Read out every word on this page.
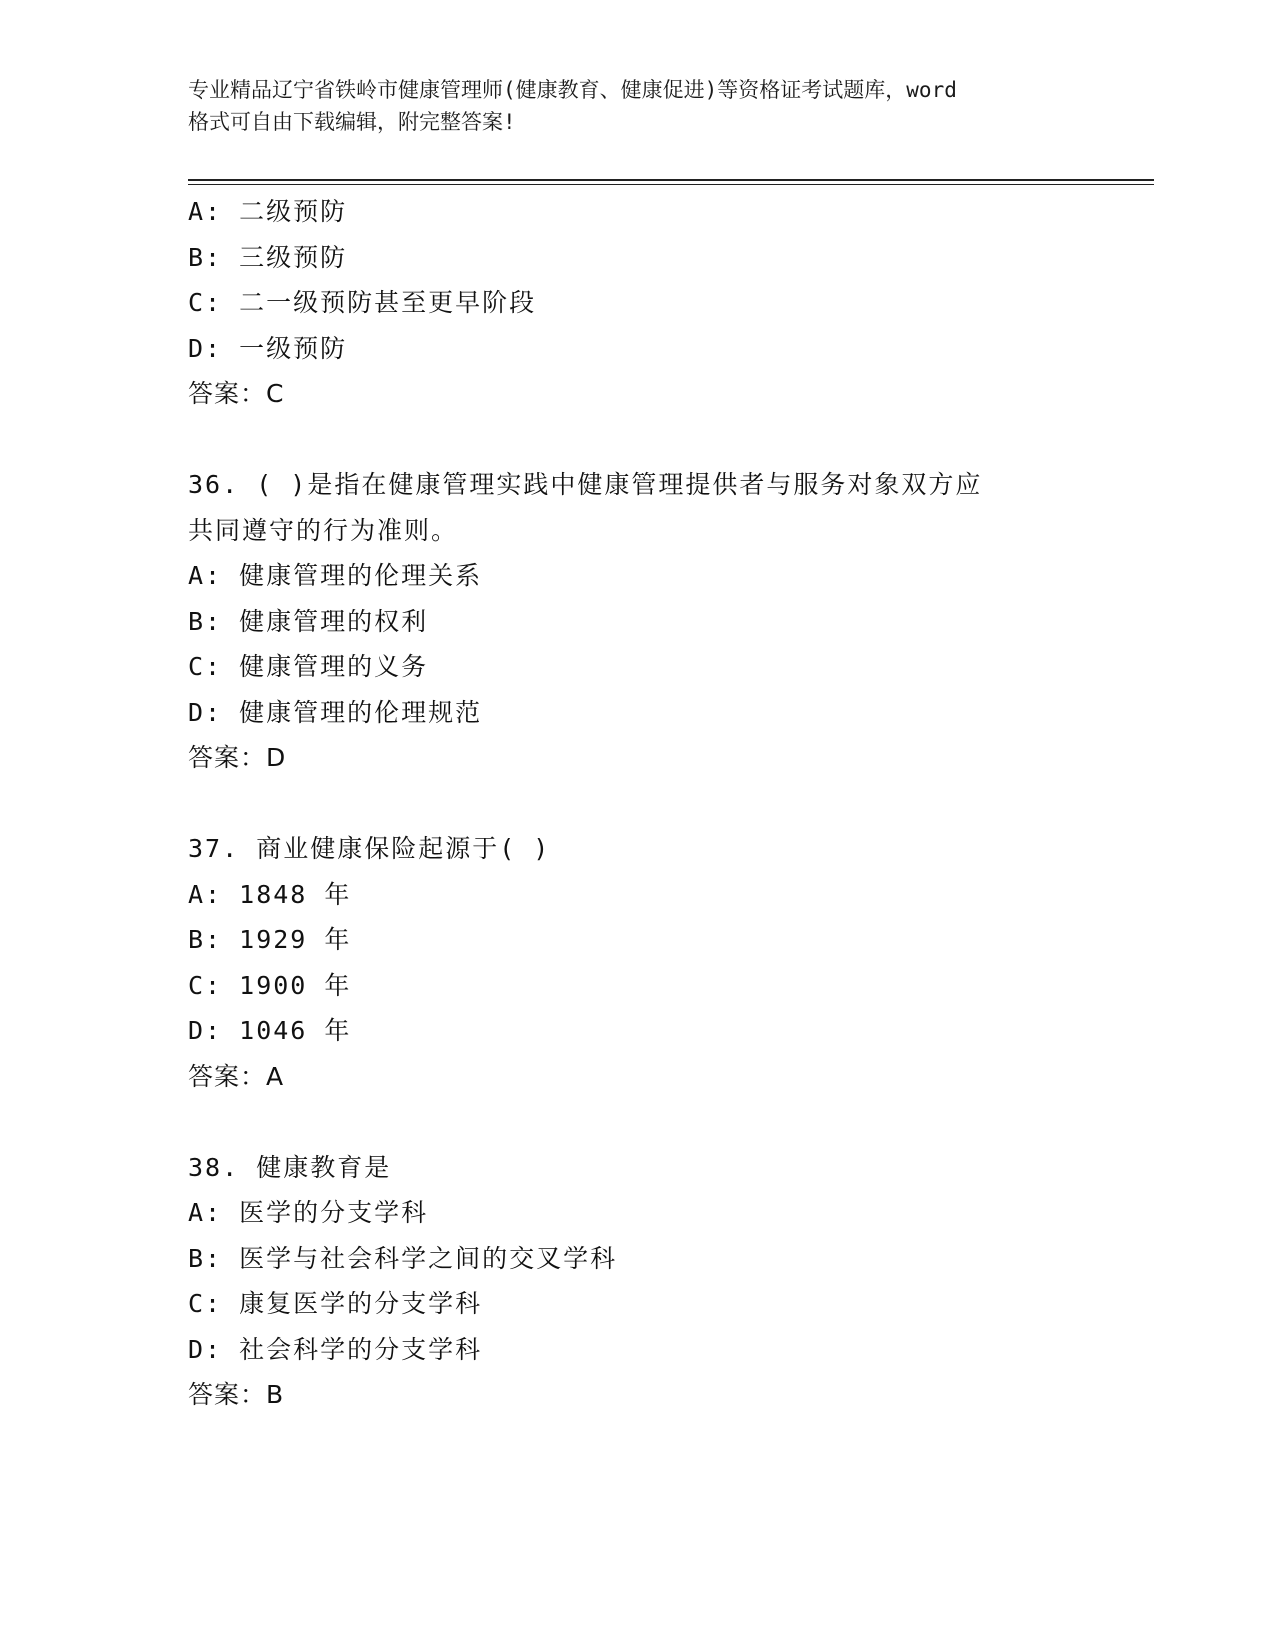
专业精品辽宁省铁岭市健康管理师(健康教育、健康促进)等资格证考试题库，word
格式可自由下载编辑，附完整答案!
A: 二级预防
B: 三级预防
C: 二一级预防甚至更早阶段
D: 一级预防
答案：C
36. ( )是指在健康管理实践中健康管理提供者与服务对象双方应
共同遵守的行为准则。
A: 健康管理的伦理关系
B: 健康管理的权利
C: 健康管理的义务
D: 健康管理的伦理规范
答案：D
37. 商业健康保险起源于( )
A: 1848 年
B: 1929 年
C: 1900 年
D: 1046 年
答案：A
38. 健康教育是
A: 医学的分支学科
B: 医学与社会科学之间的交叉学科
C: 康复医学的分支学科
D: 社会科学的分支学科
答案：B
